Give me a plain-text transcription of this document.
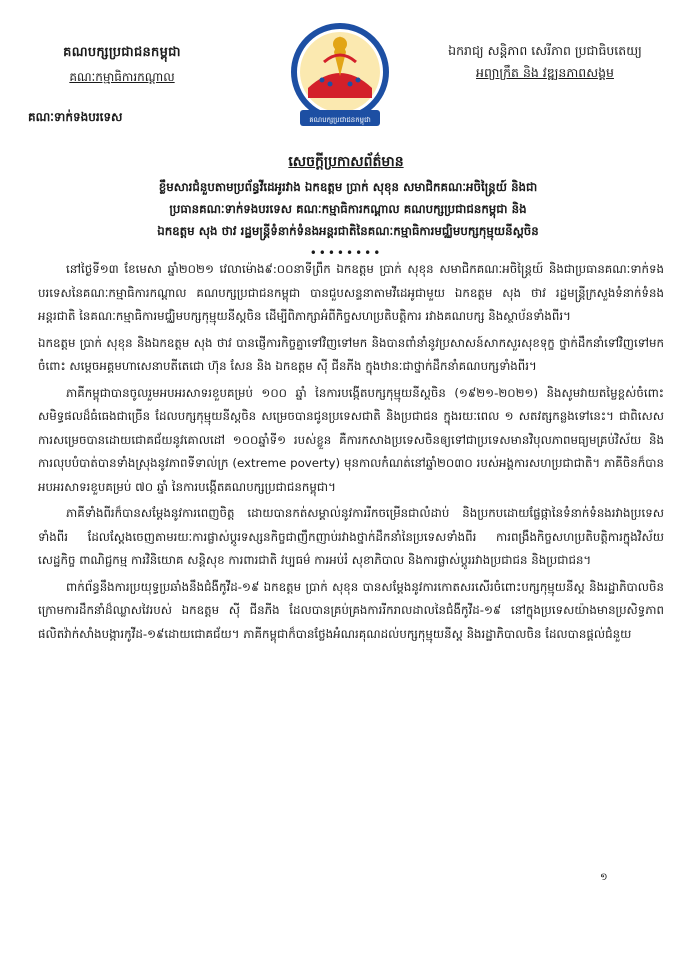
គណបក្សប្រជាជនកម្ពុជា
គណៈកម្មាធិការកណ្តាល
គណៈទាក់ទងបរទេស	គណបក្សប្រជាជនកម្ពុជា
ឯករាជ្យ សន្តិភាព សេរីភាព ប្រជាធិបតេយ្យ
អព្យាក្រឹត និង វឌ្ឍនភាពសង្គម
សេចក្តីប្រកាសព័ត៌មាន
ខ្លឹមសារជំនួបតាមប្រព័ន្ធវីដេអូរវាង ឯកឧត្តម ប្រាក់ សុខុន សមាជិកគណៈអចិន្ត្រៃយ៍ និងជា
ប្រធានគណៈទាក់ទងបរទេស គណៈកម្មាធិការកណ្តាល គណបក្សប្រជាជនកម្ពុជា និង
ឯកឧត្តម សុង ថាវ រដ្ឋមន្ត្រីទំនាក់ទំនងអន្តរជាតិនៃគណៈកម្មាធិការមជ្ឈិមបក្សកុម្មុយនីស្តចិន
••••••••

នៅថ្ងៃទី១៣ ខែមេសា ឆ្នាំ២០២១ វេលាម៉ោង៩:០០នាទីព្រឹក ឯកឧត្តម ប្រាក់ សុខុន សមាជិកគណៈអចិន្ត្រៃយ៍ និងជាប្រធានគណៈទាក់ទងបរទេសនៃគណៈកម្មាធិការកណ្តាល គណបក្សប្រជាជនកម្ពុជា បានជួបសន្ទនាតាមវីដេអូជាមួយ ឯកឧត្តម សុង ថាវ រដ្ឋមន្ត្រីក្រសួងទំនាក់ទំនងអន្តរជាតិ នៃគណៈកម្មាធិការមជ្ឈិមបក្សកុម្មុយនីស្តចិន ដើម្បីពិភាក្សាអំពីកិច្ចសហប្រតិបត្តិការ រវាងគណបក្ស និងស្ថាប័នទាំងពីរ។

ឯកឧត្តម ប្រាក់ សុខុន និងឯកឧត្តម សុង ថាវ បានផ្ញើការកិច្ចគ្នាទៅវិញទៅមក និងបានពាំនាំនូវប្រសាសន៍សាកសួរសុខទុក្ខ ថ្នាក់ដឹកនាំទៅវិញទៅមក ចំពោះ សម្តេចអគ្គមហាសេនាបតីតេជោ ហ៊ុន សែន និង ឯកឧត្តម ស៊ី ជីនភីង ក្នុងឋានៈជាថ្នាក់ដឹកនាំគណបក្សទាំងពីរ។

ភាគីកម្ពុជាបានចូលរួមអបអរសាទរខួបគម្រប់ ១០០ ឆ្នាំ នៃការបង្កើតបក្សកុម្មុយនីស្តចិន (១៩២១-២០២១) និងសូមវាយតម្លៃខ្ពស់ចំពោះសមិទ្ធផលដ៏ធំធេងជាច្រើន ដែលបក្សកុម្មុយនីស្តចិន សម្រេចបានជូនប្រទេសជាតិ និងប្រជាជន ក្នុងរយៈពេល ១ សតវត្សកន្លងទៅនេះ។ ជាពិសេស ការសម្រេចបានដោយជោគជ័យនូវគោលដៅ ១០០ឆ្នាំទី១ របស់ខ្លួន គឺការកសាងប្រទេសចិនឲ្យទៅជាប្រទេសមានវិបុលភាពមធ្យមគ្រប់វិស័យ និងការលុបបំបាត់បានទាំងស្រុងនូវភាពទីទាល់ក្រ (extreme poverty) មុនកាលកំណត់នៅឆ្នាំ២០៣០ របស់អង្គការសហប្រជាជាតិ។ ភាគីចិនក៏បានអបអរសាទរខួបគម្រប់ ៧០ ឆ្នាំ នៃការបង្កើតគណបក្សប្រជាជនកម្ពុជា។

ភាគីទាំងពីរក៏បានសម្តែងនូវការពេញចិត្ត ដោយបានកត់សម្គាល់នូវការរីកចម្រើនជាលំដាប់ និងប្រកបដោយផ្លែផ្កានៃទំនាក់ទំនងរវាងប្រទេសទាំងពីរ ដែលស្តែងចេញតាមរយៈការផ្លាស់ប្តូរទស្សនកិច្ចជាញឹកញាប់រវាងថ្នាក់ដឹកនាំនៃប្រទេសទាំងពីរ ការពង្រឹងកិច្ចសហប្រតិបត្តិការក្នុងវិស័យសេដ្ឋកិច្ច ពាណិជ្ជកម្ម ការវិនិយោគ សន្តិសុខ ការពារជាតិ វប្បធម៌ ការអប់រំ សុខាភិបាល និងការផ្លាស់ប្តូររវាងប្រជាជន និងប្រជាជន។

ពាក់ព័ន្ធនឹងការប្រយុទ្ធប្រឆាំងនឹងជំងឺកូវីដ-១៩ ឯកឧត្តម ប្រាក់ សុខុន បានសម្តែងនូវការកោតសរសើរចំពោះបក្សកុម្មុយនីស្ត និងរដ្ឋាភិបាលចិន ក្រោមការដឹកនាំដ៏ឈ្លាសវៃរបស់ ឯកឧត្តម ស៊ី ជីនភីង ដែលបានគ្រប់គ្រងការរីករាលដាលនៃជំងឺកូវីដ-១៩ នៅក្នុងប្រទេសយ៉ាងមានប្រសិទ្ធភាព ផលិតវ៉ាក់សាំងបង្ការកូវីដ-១៩ដោយជោគជ័យ។ ភាគីកម្ពុជាក៏បានថ្លែងអំណរគុណដល់បក្សកុម្មុយនីស្ត និងរដ្ឋាភិបាលចិន ដែលបានផ្តល់ជំនួយ

១
